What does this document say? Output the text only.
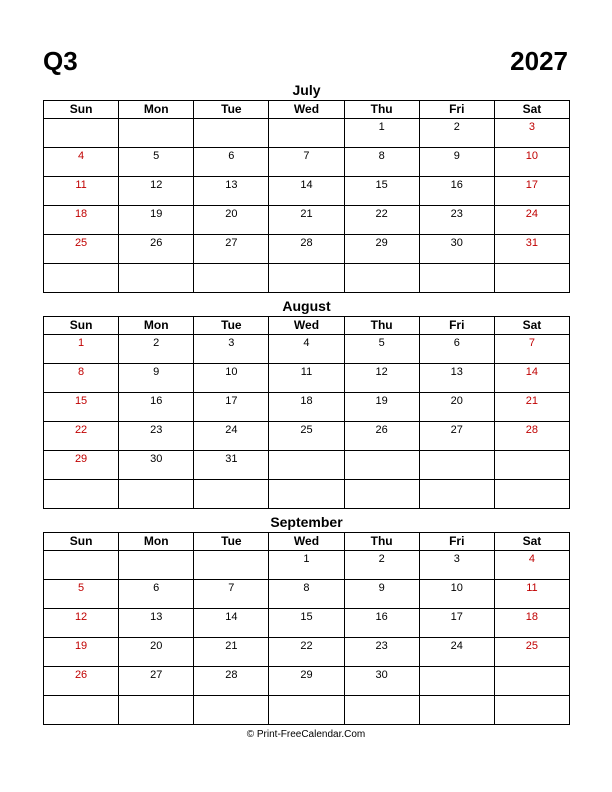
Q3	2027
July
Sun	Mon	Tue	Wed	Thu	Fri	Sat

				1	2	3

4	5	6	7	8	9	10

11	12	13	14	15	16	17

18	19	20	21	22	23	24

25	26	27	28	29	30	31

August
Sun	Mon	Tue	Wed	Thu	Fri	Sat

1	2	3	4	5	6	7

8	9	10	11	12	13	14

15	16	17	18	19	20	21

22	23	24	25	26	27	28

29	30	31				

September
Sun	Mon	Tue	Wed	Thu	Fri	Sat

			1	2	3	4

5	6	7	8	9	10	11

12	13	14	15	16	17	18

19	20	21	22	23	24	25

26	27	28	29	30		

© Print-FreeCalendar.Com
